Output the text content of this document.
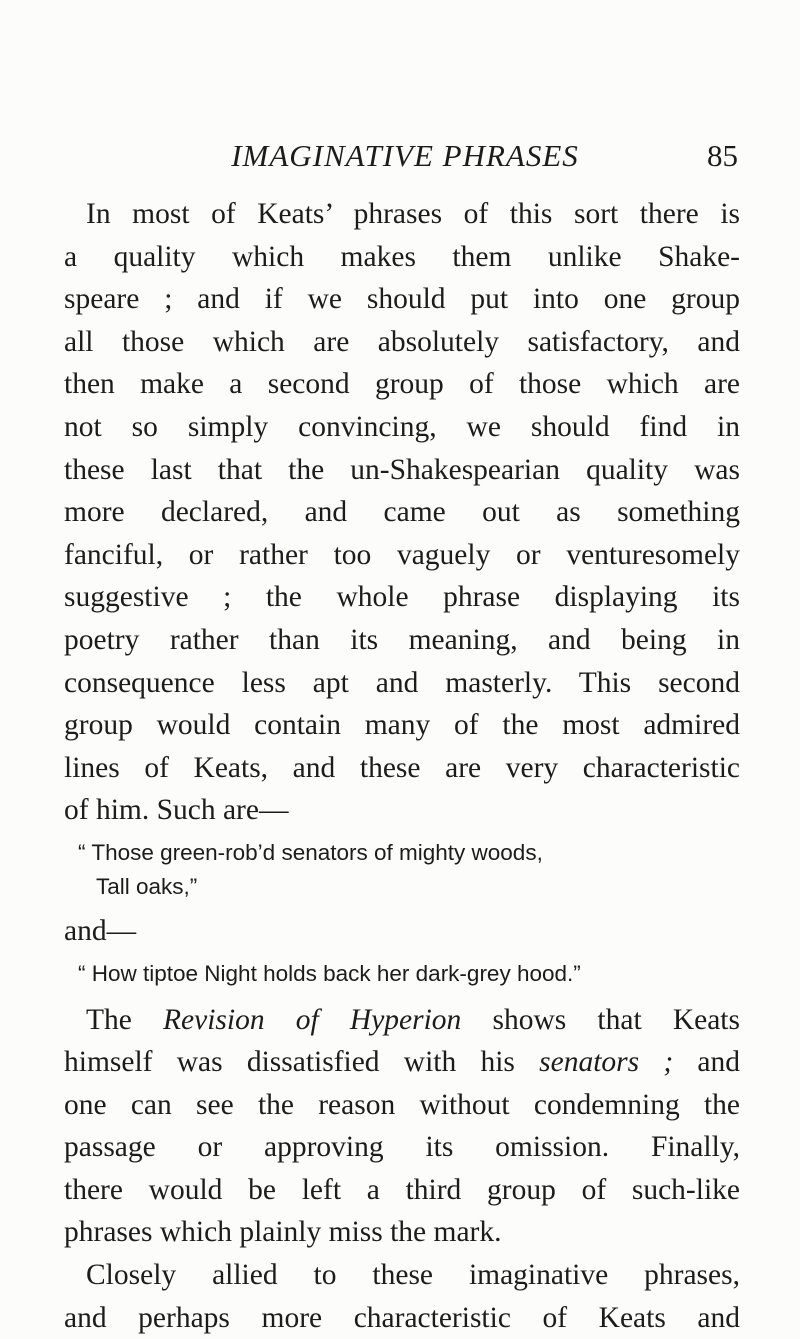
IMAGINATIVE PHRASES	85
In most of Keats’ phrases of this sort there is
a quality which makes them unlike Shake-
speare ; and if we should put into one group
all those which are absolutely satisfactory, and
then make a second group of those which are
not so simply convincing, we should find in
these last that the un-Shakespearian quality was
more declared, and came out as something
fanciful, or rather too vaguely or venturesomely
suggestive ; the whole phrase displaying its
poetry rather than its meaning, and being in
consequence less apt and masterly. This second
group would contain many of the most admired
lines of Keats, and these are very characteristic
of him. Such are—
“ Those green-rob’d senators of mighty woods,
Tall oaks,”
and—
“ How tiptoe Night holds back her dark-grey hood.”
The Revision of Hyperion shows that Keats
himself was dissatisfied with his senators ; and
one can see the reason without condemning the
passage or approving its omission. Finally,
there would be left a third group of such-like
phrases which plainly miss the mark.
Closely allied to these imaginative phrases,
and perhaps more characteristic of Keats and
